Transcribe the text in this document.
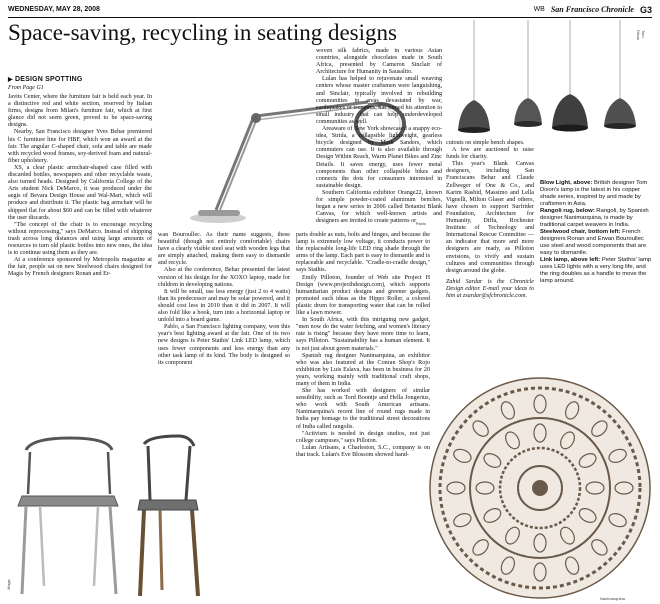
WEDNESDAY, MAY 28, 2008	WB San Francisco Chronicle G3
Space-saving, recycling in seating designs	Tom Dixon
Pablo
▶ DESIGN SPOTTING
From Page G1

Javits Center, where the furniture fair is held each year. In a distinctive red and white section, reserved by Italian firms, designs from Milan's furniture fair, which at first glance did not seem green, proved to be space-saving designs.

Nearby, San Francisco designer Yves Behar premiered his C furniture line for HBF, which won an award at the fair. The angular C-shaped chair, sofa and table are made with recycled wood frames, soy-derived foam and natural-fiber upholstery.

XS, a clear plastic armchair-shaped case filled with discarded bottles, newspapers and other recyclable waste, also turned heads. Designed by California College of the Arts student Nick DeMarco, it was produced under the aegis of Bevara Design House and Wal-Mart, which will produce and distribute it. The plastic bag armchair will be shipped flat for about $60 and can be filled with whatever the user discards.

"The concept of the chair is to encourage recycling without reprocessing," says DeMarco. Instead of shipping trash across long distances and using large amounts of resources to turn old plastic bottles into new ones, the idea is to continue using them as they are.

At a conference sponsored by Metropolis magazine at the fair, people sat on new Steelwood chairs designed for Magis by French designers Ronan and Er-

wan Bouroullec. As their name suggests, these beautiful (though not entirely comfortable) chairs have a clearly visible steel seat with wooden legs that are simply attached, making them easy to dismantle and recycle.

Also at the conference, Behar presented the latest version of his design for the XOXO laptop, made for children in developing nations.

It will be small, use less energy (just 2 to 4 watts) than its predecessor and may be solar powered, and it should cost less in 2010 than it did in 2007. It will also fold like a book, turn into a horizontal laptop or unfold into a board game.

Pablo, a San Francisco lighting company, won this year's best lighting award at the fair. One of its two new designs is Peter Stathis' Link LED lamp, which uses fewer components and less energy than any other task lamp of its kind. The body is designed so its component

parts double as nuts, bolts and hinges, and because the lamp is extremely low voltage, it conducts power to the replaceable long-life LED ring shade through the arms of the lamp. Each part is easy to dismantle and is replaceable and recyclable. "Cradle-to-cradle design," says Stathis.

Emily Pilloton, founder of Web site Project H Design (www.projecthdesign.com), which supports humanitarian product designs and greener gadgets, promoted such ideas as the Hippo Roller, a colored plastic drum for transporting water that can be rolled like a lawn mower.

In South Africa, with this intriguing new gadget, "men now do the water fetching, and women's literacy rate is rising" because they have more time to learn, says Pilloton. "Sustainability has a human element. It is not just about green materials."

Spanish rug designer Nanimarquina, an exhibitor who was also featured at the Conran Shop's Rojo exhibition by Luis Eslava, has been in business for 20 years, working mainly with traditional craft shops, many of them in India.

She has worked with designers of similar sensibility, such as Tord Boontje and Hella Jongerius, who work with South American artisans. Nanimarquina's recent line of round rugs made in India pay homage to the traditional street decorations of India called rangolis.

"Activism is needed in design studios, not just college campuses," says Pilloton.

Lulan Artisans, a Charleston, S.C., company is on that track. Lulan's Eve Blossom showed hand-

woven silk fabrics, made in various Asian countries, alongside chocolates made in South Africa, presented by Cameron Sinclair of Architecture for Humanity in Sausalito.

Lulan has helped to rejuvenate small weaving centers whose master craftsmen were languishing, and Sinclair, typically involved in rebuilding communities in areas devastated by war, earthquakes or tsunamis, has turned his attention to small industry that can help underdeveloped communities as well.

Areaware of New York showcased a snappy eco-idea, Strida, a collapsible lightweight, gearless bicycle designed by Mark Sanders, which commuters can use. It is also available through Design Within Reach, Warm Planet Bikes and Zinc Details. It saves energy, uses fewer metal components than other collapsible bikes and connects the dots for consumers interested in sustainable design.

Southern California exhibitor Orange22, known for simple powder-coated aluminum benches, began a new series in 2006 called Botanist Blank Canvas, for which well-known artists and designers are invited to create patterns or

cutouts on simple bench shapes.

A few are auctioned to raise funds for charity.

This year's Blank Canvas designers, including San Franciscans Behar and Claude Zellweger of One & Co., and Karim Rashid, Massimo and Lella Vignelli, Milton Glaser and others, have chosen to support Surfrider Foundation, Architecture for Humanity, Diffa, Rochester Institute of Technology and International Rescue Committee — an indicator that more and more designers are ready, as Pilloton envisions, to vivify and sustain cultures and communities through design around the globe.

Zahid Sardar is the Chronicle Design editor. E-mail your ideas to him at zsardar@sfchronicle.com.

Blow Light, above: British designer Tom Dixon's lamp is the latest in his copper shade series, inspired by and made by craftsmen in Asia.

Rangoli rug, below: Rangoli, by Spanish designer Nanimarquina, is made by traditional carpet weavers in India.

Steelwood chair, bottom left: French designers Ronan and Erwan Bouroullec use steel and wood components that are easy to dismantle.

Link lamp, above left: Peter Stathis' lamp uses LED lights with a very long life, and the ring doubles as a handle to move the lamp around.

Magis
Nanimarquina
